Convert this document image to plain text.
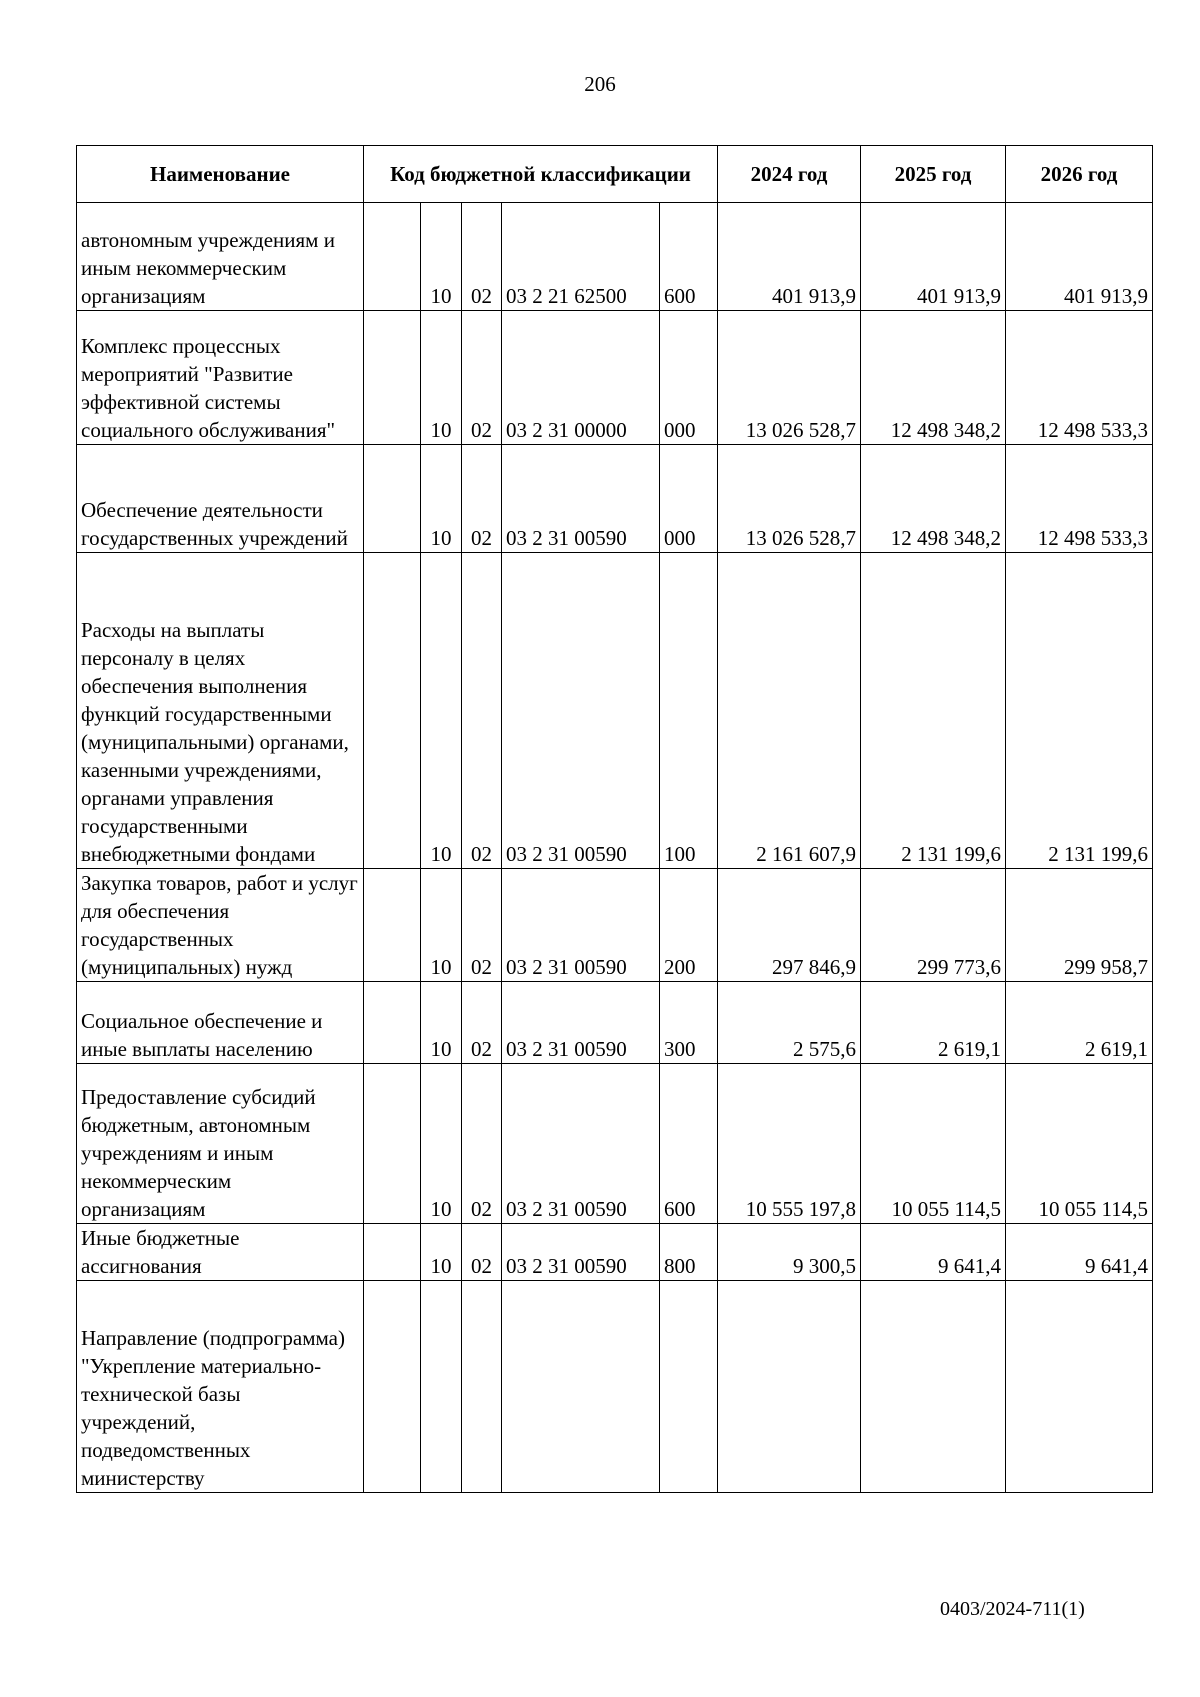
206
Наименование	Код бюджетной классификации					2024 год	2025 год	2026 год
автономным учреждениям и иным некоммерческим организациям		10	02	03 2 21 62500	600	401 913,9	401 913,9	401 913,9
Комплекс процессных мероприятий "Развитие эффективной системы социального обслуживания"		10	02	03 2 31 00000	000	13 026 528,7	12 498 348,2	12 498 533,3
Обеспечение деятельности государственных учреждений		10	02	03 2 31 00590	000	13 026 528,7	12 498 348,2	12 498 533,3
Расходы на выплаты персоналу в целях обеспечения выполнения функций государственными (муниципальными) органами, казенными учреждениями, органами управления государственными внебюджетными фондами		10	02	03 2 31 00590	100	2 161 607,9	2 131 199,6	2 131 199,6
Закупка товаров, работ и услуг для обеспечения государственных (муниципальных) нужд		10	02	03 2 31 00590	200	297 846,9	299 773,6	299 958,7
Социальное обеспечение и иные выплаты населению		10	02	03 2 31 00590	300	2 575,6	2 619,1	2 619,1
Предоставление субсидий бюджетным, автономным учреждениям и иным некоммерческим организациям		10	02	03 2 31 00590	600	10 555 197,8	10 055 114,5	10 055 114,5
Иные бюджетные ассигнования		10	02	03 2 31 00590	800	9 300,5	9 641,4	9 641,4
Направление (подпрограмма) "Укрепление материально-технической базы учреждений, подведомственных министерству								
0403/2024-711(1)
